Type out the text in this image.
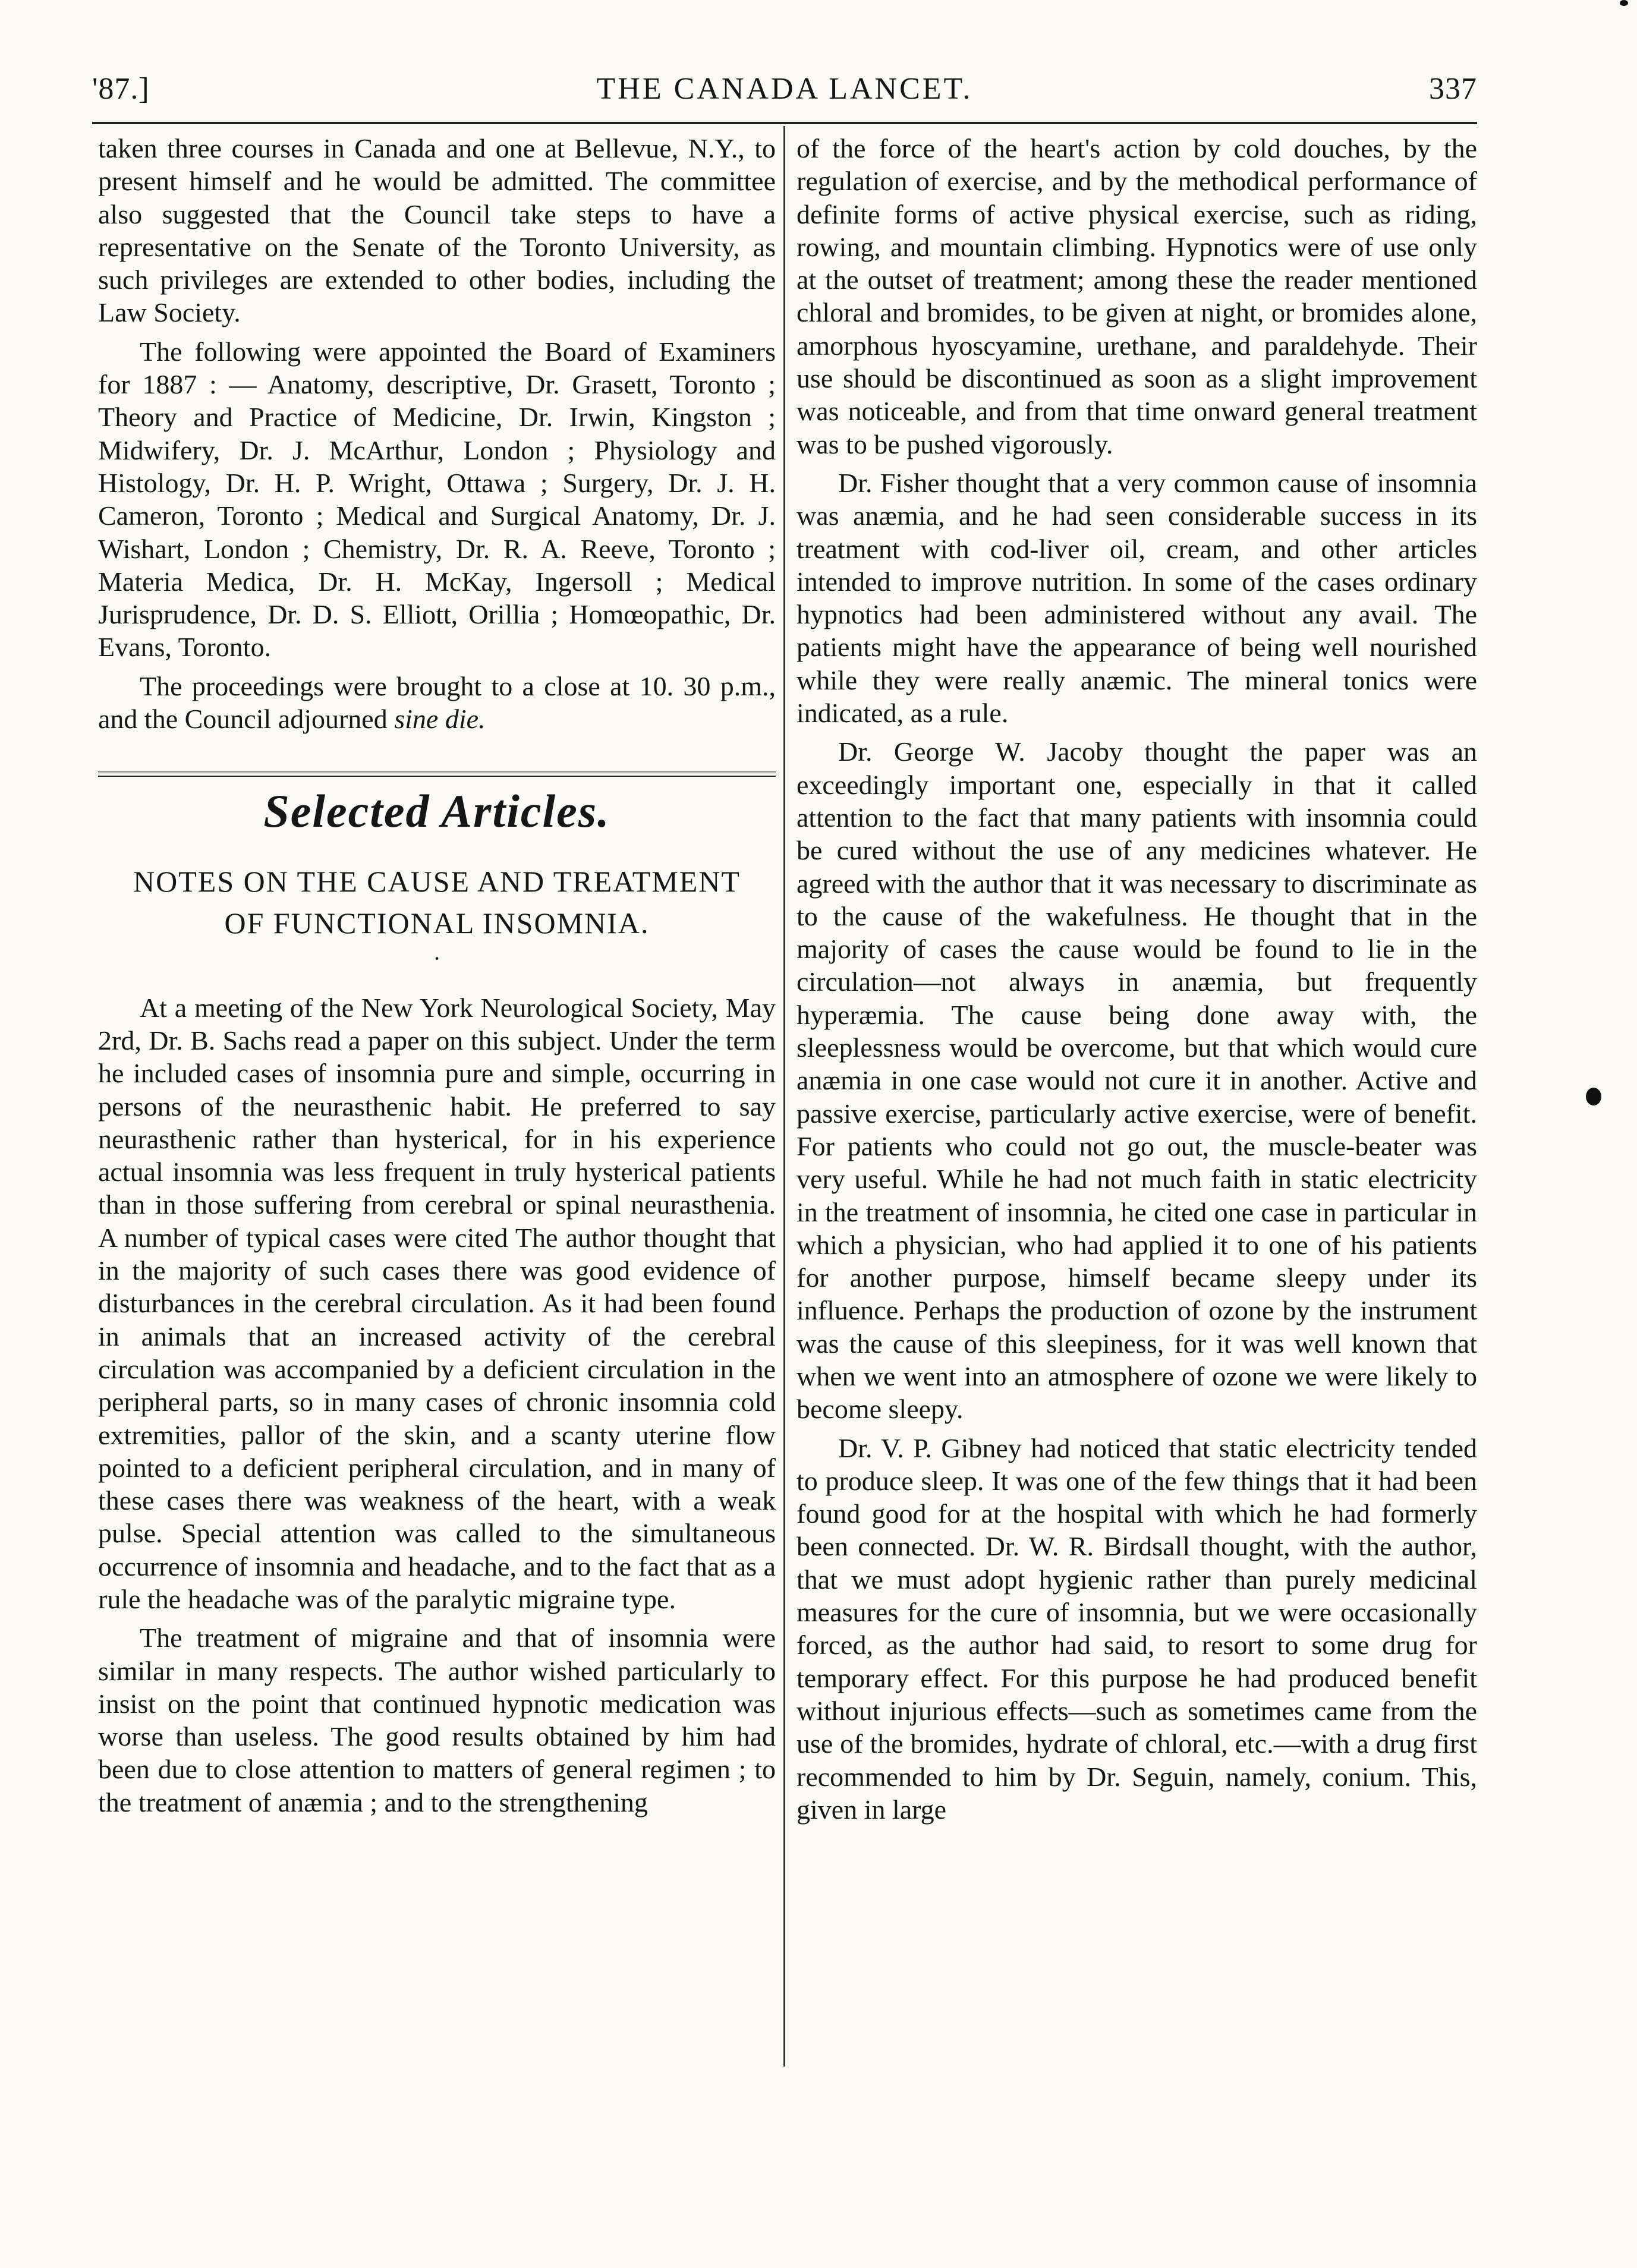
'87.]	THE CANADA LANCET.	337

taken three courses in Canada and one at Bellevue, N.Y., to present himself and he would be admitted. The committee also suggested that the Council take steps to have a representative on the Senate of the Toronto University, as such privileges are extended to other bodies, including the Law Society.

The following were appointed the Board of Examiners for 1887 : — Anatomy, descriptive, Dr. Grasett, Toronto ; Theory and Practice of Medicine, Dr. Irwin, Kingston ; Midwifery, Dr. J. McArthur, London ; Physiology and Histology, Dr. H. P. Wright, Ottawa ; Surgery, Dr. J. H. Cameron, Toronto ; Medical and Surgical Anatomy, Dr. J. Wishart, London ; Chemistry, Dr. R. A. Reeve, Toronto ; Materia Medica, Dr. H. McKay, Ingersoll ; Medical Jurisprudence, Dr. D. S. Elliott, Orillia ; Homœopathic, Dr. Evans, Toronto.

The proceedings were brought to a close at 10. 30 p.m., and the Council adjourned sine die.

Selected Articles.
NOTES ON THE CAUSE AND TREATMENT
OF FUNCTIONAL INSOMNIA.
·

At a meeting of the New York Neurological Society, May 2rd, Dr. B. Sachs read a paper on this subject. Under the term he included cases of insomnia pure and simple, occurring in persons of the neurasthenic habit. He preferred to say neurasthenic rather than hysterical, for in his experience actual insomnia was less frequent in truly hysterical patients than in those suffering from cerebral or spinal neurasthenia. A number of typical cases were cited The author thought that in the majority of such cases there was good evidence of disturbances in the cerebral circulation. As it had been found in animals that an increased activity of the cerebral circulation was accompanied by a deficient circulation in the peripheral parts, so in many cases of chronic insomnia cold extremities, pallor of the skin, and a scanty uterine flow pointed to a deficient peripheral circulation, and in many of these cases there was weakness of the heart, with a weak pulse. Special attention was called to the simultaneous occurrence of insomnia and headache, and to the fact that as a rule the headache was of the paralytic migraine type.

The treatment of migraine and that of insomnia were similar in many respects. The author wished particularly to insist on the point that continued hypnotic medication was worse than useless. The good results obtained by him had been due to close attention to matters of general regimen ; to the treatment of anæmia ; and to the strengthening

of the force of the heart's action by cold douches, by the regulation of exercise, and by the methodical performance of definite forms of active physical exercise, such as riding, rowing, and mountain climbing. Hypnotics were of use only at the outset of treatment; among these the reader mentioned chloral and bromides, to be given at night, or bromides alone, amorphous hyoscyamine, urethane, and paraldehyde. Their use should be discontinued as soon as a slight improvement was noticeable, and from that time onward general treatment was to be pushed vigorously.

Dr. Fisher thought that a very common cause of insomnia was anæmia, and he had seen considerable success in its treatment with cod-liver oil, cream, and other articles intended to improve nutrition. In some of the cases ordinary hypnotics had been administered without any avail. The patients might have the appearance of being well nourished while they were really anæmic. The mineral tonics were indicated, as a rule.

Dr. George W. Jacoby thought the paper was an exceedingly important one, especially in that it called attention to the fact that many patients with insomnia could be cured without the use of any medicines whatever. He agreed with the author that it was necessary to discriminate as to the cause of the wakefulness. He thought that in the majority of cases the cause would be found to lie in the circulation—not always in anæmia, but frequently hyperæmia. The cause being done away with, the sleeplessness would be overcome, but that which would cure anæmia in one case would not cure it in another. Active and passive exercise, particularly active exercise, were of benefit. For patients who could not go out, the muscle-beater was very useful. While he had not much faith in static electricity in the treatment of insomnia, he cited one case in particular in which a physician, who had applied it to one of his patients for another purpose, himself became sleepy under its influence. Perhaps the production of ozone by the instrument was the cause of this sleepiness, for it was well known that when we went into an atmosphere of ozone we were likely to become sleepy.

Dr. V. P. Gibney had noticed that static electricity tended to produce sleep. It was one of the few things that it had been found good for at the hospital with which he had formerly been connected. Dr. W. R. Birdsall thought, with the author, that we must adopt hygienic rather than purely medicinal measures for the cure of insomnia, but we were occasionally forced, as the author had said, to resort to some drug for temporary effect. For this purpose he had produced benefit without injurious effects—such as sometimes came from the use of the bromides, hydrate of chloral, etc.—with a drug first recommended to him by Dr. Seguin, namely, conium. This, given in large
